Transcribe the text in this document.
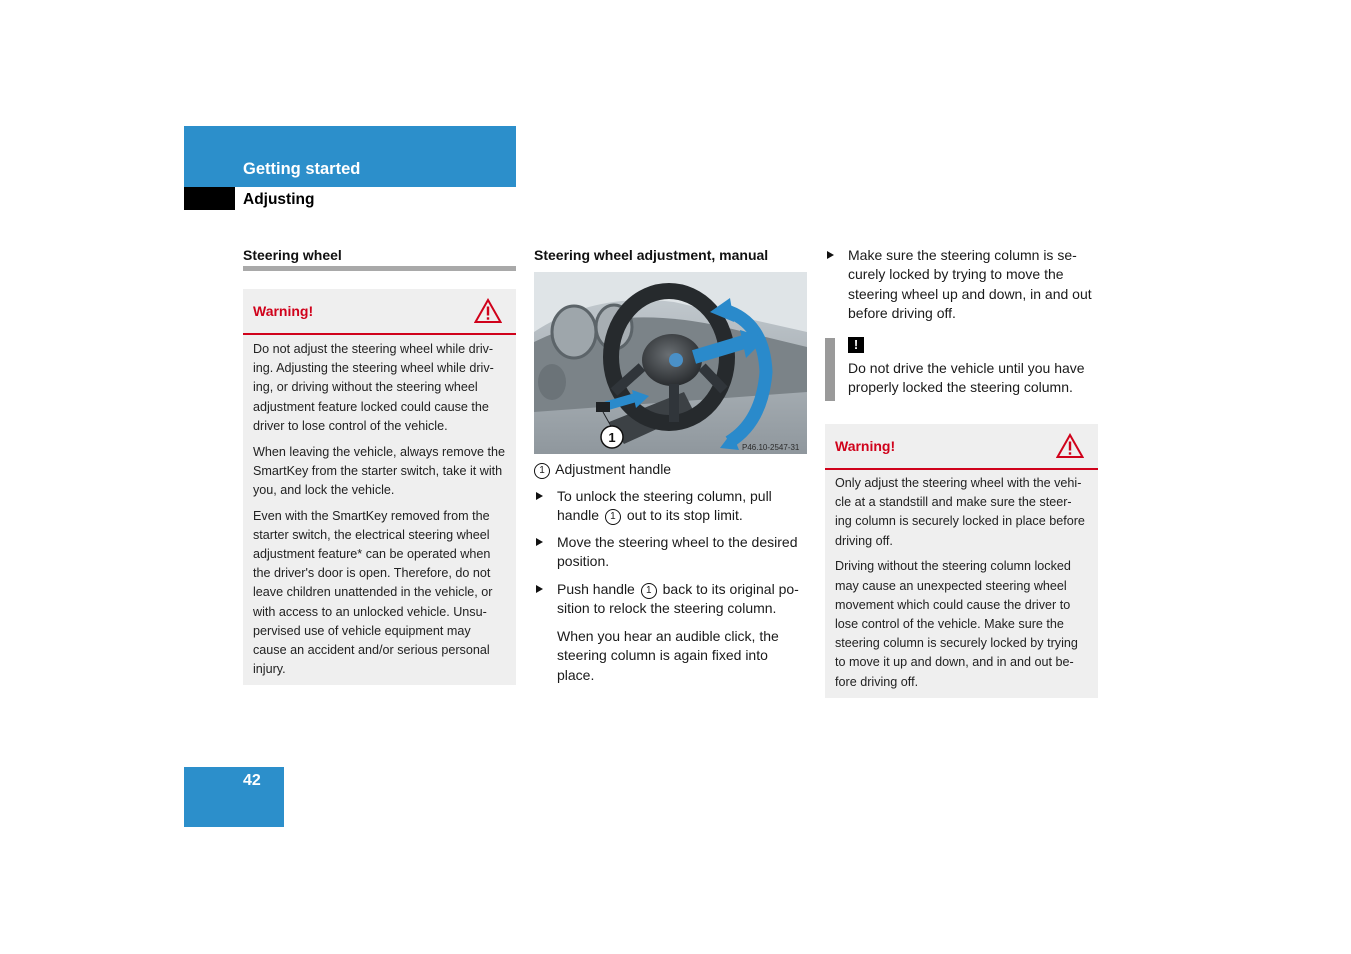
Getting started
Adjusting
Steering wheel
Warning!

Do not adjust the steering wheel while driv-ing. Adjusting the steering wheel while driv-ing, or driving without the steering wheel adjustment feature locked could cause the driver to lose control of the vehicle.

When leaving the vehicle, always remove the SmartKey from the starter switch, take it with you, and lock the vehicle.

Even with the SmartKey removed from the starter switch, the electrical steering wheel adjustment feature* can be operated when the driver's door is open. Therefore, do not leave children unattended in the vehicle, or with access to an unlocked vehicle. Unsu-pervised use of vehicle equipment may cause an accident and/or serious personal injury.

Steering wheel adjustment, manual
1
P46.10-2547-31
1 Adjustment handle
To unlock the steering column, pull handle 1 out to its stop limit.
Move the steering wheel to the desired position.
Push handle 1 back to its original po-sition to relock the steering column.
When you hear an audible click, the steering column is again fixed into place.
Make sure the steering column is se-curely locked by trying to move the steering wheel up and down, in and out before driving off.
!
Do not drive the vehicle until you have properly locked the steering column.
Warning!

Only adjust the steering wheel with the vehi-cle at a standstill and make sure the steer-ing column is securely locked in place before driving off.

Driving without the steering column locked may cause an unexpected steering wheel movement which could cause the driver to lose control of the vehicle. Make sure the steering column is securely locked by trying to move it up and down, and in and out be-fore driving off.

42
